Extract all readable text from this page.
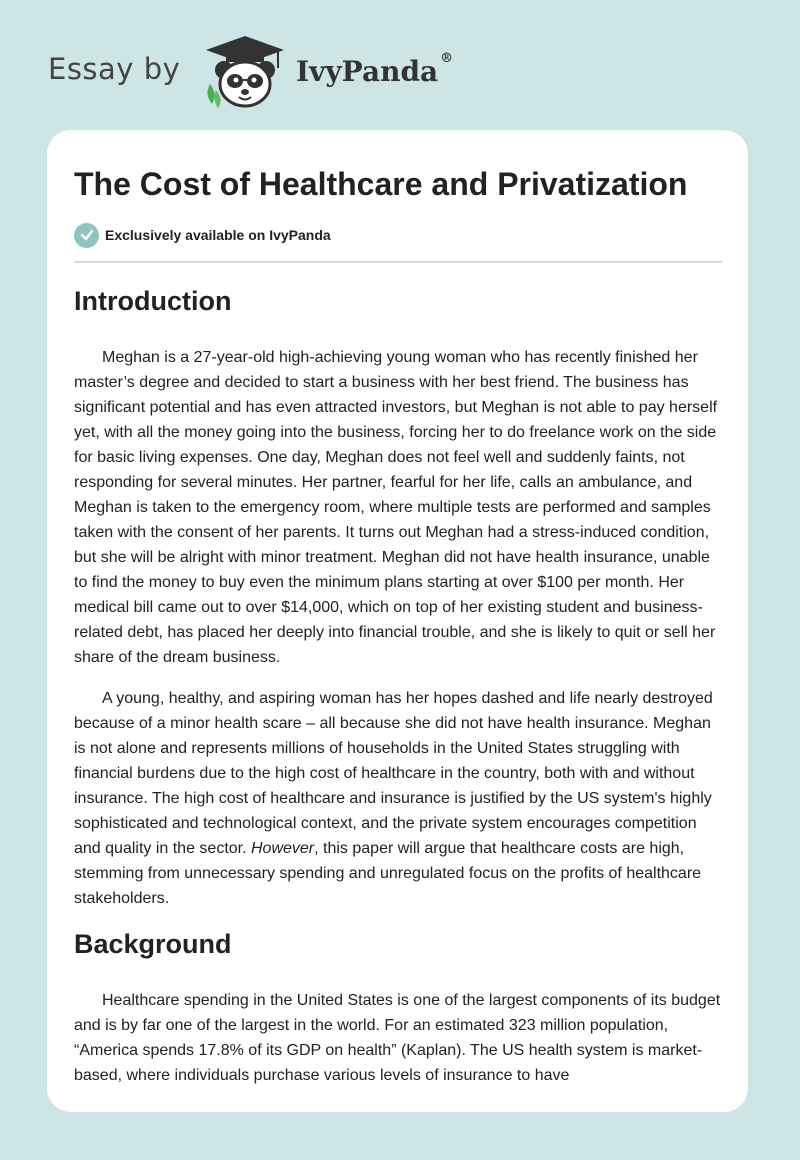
Essay by	IvyPanda ®
The Cost of Healthcare and Privatization
Exclusively available on IvyPanda
Introduction

Meghan is a 27-year-old high-achieving young woman who has recently finished her master’s degree and decided to start a business with her best friend. The business has significant potential and has even attracted investors, but Meghan is not able to pay herself yet, with all the money going into the business, forcing her to do freelance work on the side for basic living expenses. One day, Meghan does not feel well and suddenly faints, not responding for several minutes. Her partner, fearful for her life, calls an ambulance, and Meghan is taken to the emergency room, where multiple tests are performed and samples taken with the consent of her parents. It turns out Meghan had a stress-induced condition, but she will be alright with minor treatment. Meghan did not have health insurance, unable to find the money to buy even the minimum plans starting at over $100 per month. Her medical bill came out to over $14,000, which on top of her existing student and business-related debt, has placed her deeply into financial trouble, and she is likely to quit or sell her share of the dream business.

A young, healthy, and aspiring woman has her hopes dashed and life nearly destroyed because of a minor health scare – all because she did not have health insurance. Meghan is not alone and represents millions of households in the United States struggling with financial burdens due to the high cost of healthcare in the country, both with and without insurance. The high cost of healthcare and insurance is justified by the US system's highly sophisticated and technological context, and the private system encourages competition and quality in the sector. However, this paper will argue that healthcare costs are high, stemming from unnecessary spending and unregulated focus on the profits of healthcare stakeholders.

Background

Healthcare spending in the United States is one of the largest components of its budget and is by far one of the largest in the world. For an estimated 323 million population, “America spends 17.8% of its GDP on health” (Kaplan). The US health system is market-based, where individuals purchase various levels of insurance to have
